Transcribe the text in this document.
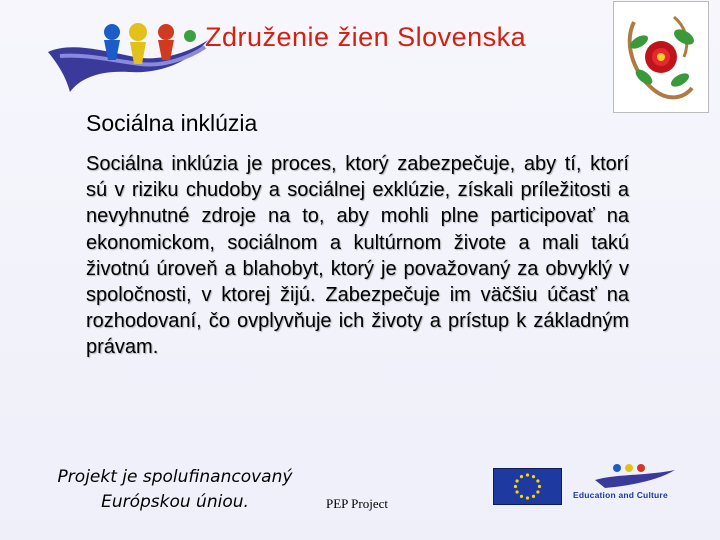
Združenie žien Slovenska
Sociálna inklúzia
Sociálna inklúzia je proces, ktorý zabezpečuje, aby tí, ktorí sú v riziku chudoby a sociálnej exklúzie, získali príležitosti a nevyhnutné zdroje na to, aby mohli plne participovať na ekonomickom, sociálnom a kultúrnom živote a mali takú životnú úroveň a blahobyt, ktorý je považovaný za obvyklý v spoločnosti, v ktorej žijú. Zabezpečuje im väčšiu účasť na rozhodovaní, čo ovplyvňuje ich životy a prístup k základným právam.
Projekt je spolufinancovaný
Európskou úniou.	PEP Project
Education and Culture
